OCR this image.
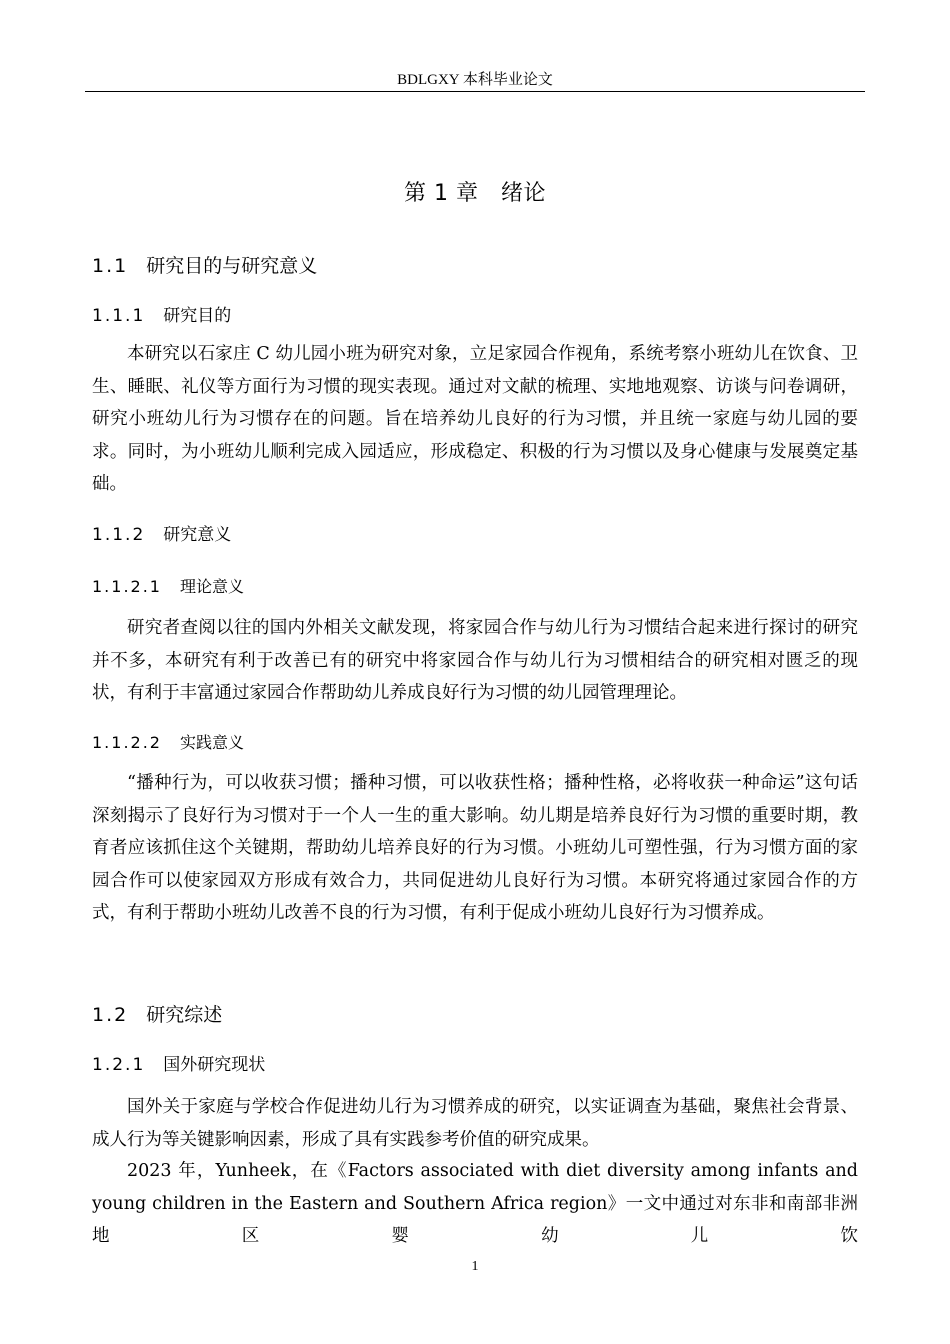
BDLGXY 本科毕业论文
第 1 章　绪论
1.1 研究目的与研究意义
1.1.1 研究目的

本研究以石家庄 C 幼儿园小班为研究对象，立足家园合作视角，系统考察小班幼儿在饮食、卫生、睡眠、礼仪等方面行为习惯的现实表现。通过对文献的梳理、实地地观察、访谈与问卷调研，研究小班幼儿行为习惯存在的问题。旨在培养幼儿良好的行为习惯，并且统一家庭与幼儿园的要求。同时，为小班幼儿顺利完成入园适应，形成稳定、积极的行为习惯以及身心健康与发展奠定基础。

1.1.2 研究意义
1.1.2.1 理论意义

研究者查阅以往的国内外相关文献发现，将家园合作与幼儿行为习惯结合起来进行探讨的研究并不多，本研究有利于改善已有的研究中将家园合作与幼儿行为习惯相结合的研究相对匮乏的现状，有利于丰富通过家园合作帮助幼儿养成良好行为习惯的幼儿园管理理论。

1.1.2.2 实践意义

“播种行为，可以收获习惯；播种习惯，可以收获性格；播种性格，必将收获一种命运”这句话深刻揭示了良好行为习惯对于一个人一生的重大影响。幼儿期是培养良好行为习惯的重要时期，教育者应该抓住这个关键期，帮助幼儿培养良好的行为习惯。小班幼儿可塑性强，行为习惯方面的家园合作可以使家园双方形成有效合力，共同促进幼儿良好行为习惯。本研究将通过家园合作的方式，有利于帮助小班幼儿改善不良的行为习惯，有利于促成小班幼儿良好行为习惯养成。

1.2 研究综述
1.2.1 国外研究现状

国外关于家庭与学校合作促进幼儿行为习惯养成的研究，以实证调查为基础，聚焦社会背景、成人行为等关键影响因素，形成了具有实践参考价值的研究成果。

2023 年，Yunheek，在《Factors associated with diet diversity among infants and young children in the Eastern and Southern Africa region》一文中通过对东非和南部非洲地区婴幼儿饮

1
